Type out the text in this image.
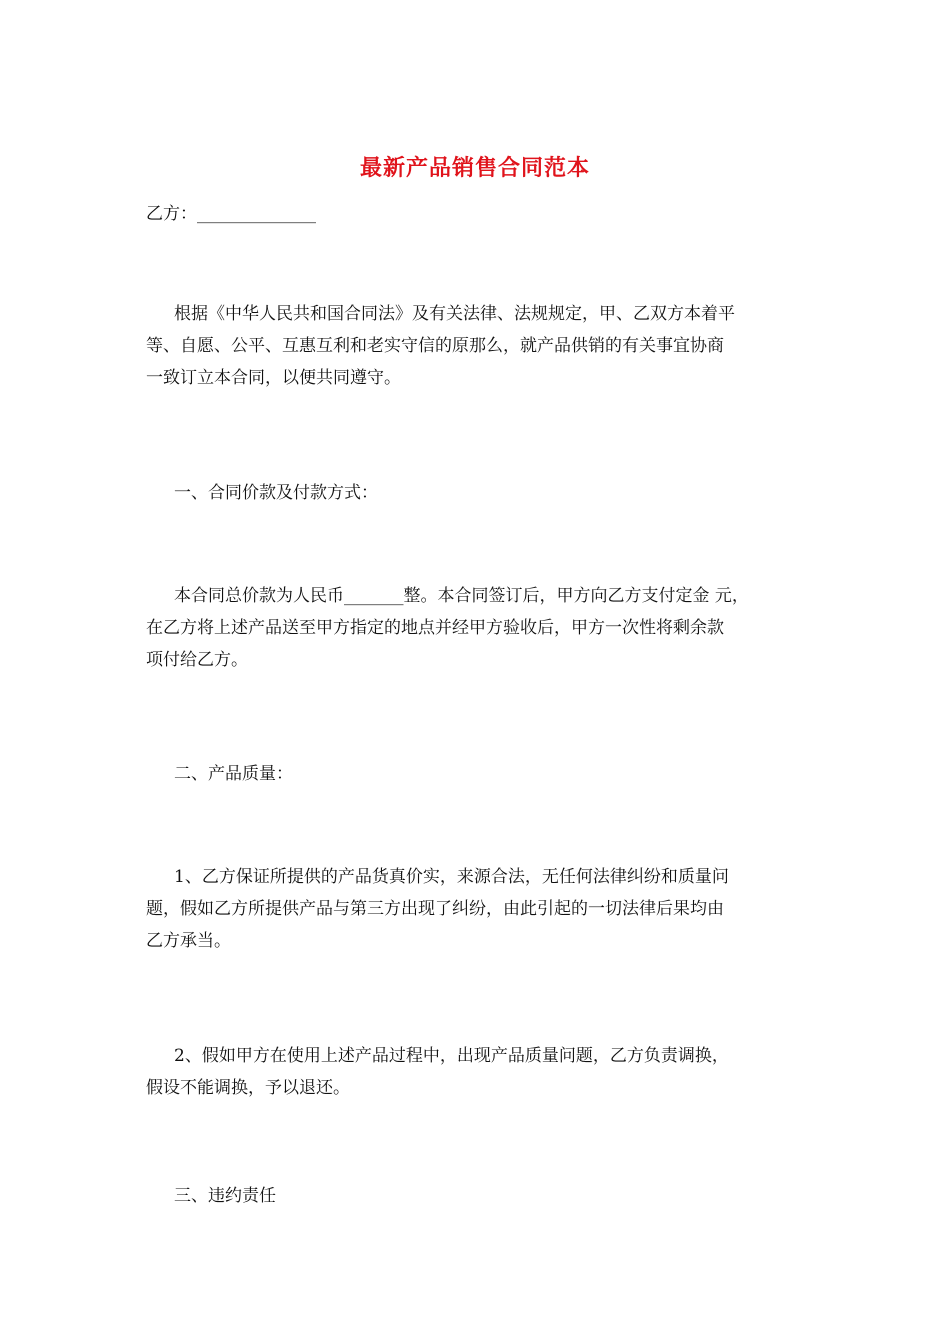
最新产品销售合同范本
乙方：______________
根据《中华人民共和国合同法》及有关法律、法规规定，甲、乙双方本着平
等、自愿、公平、互惠互利和老实守信的原那么，就产品供销的有关事宜协商
一致订立本合同，以便共同遵守。
一、合同价款及付款方式：
本合同总价款为人民币_______整。本合同签订后，甲方向乙方支付定金 元，
在乙方将上述产品送至甲方指定的地点并经甲方验收后，甲方一次性将剩余款
项付给乙方。
二、产品质量：
1、乙方保证所提供的产品货真价实，来源合法，无任何法律纠纷和质量问
题，假如乙方所提供产品与第三方出现了纠纷，由此引起的一切法律后果均由
乙方承当。
2、假如甲方在使用上述产品过程中，出现产品质量问题，乙方负责调换，
假设不能调换，予以退还。
三、违约责任
